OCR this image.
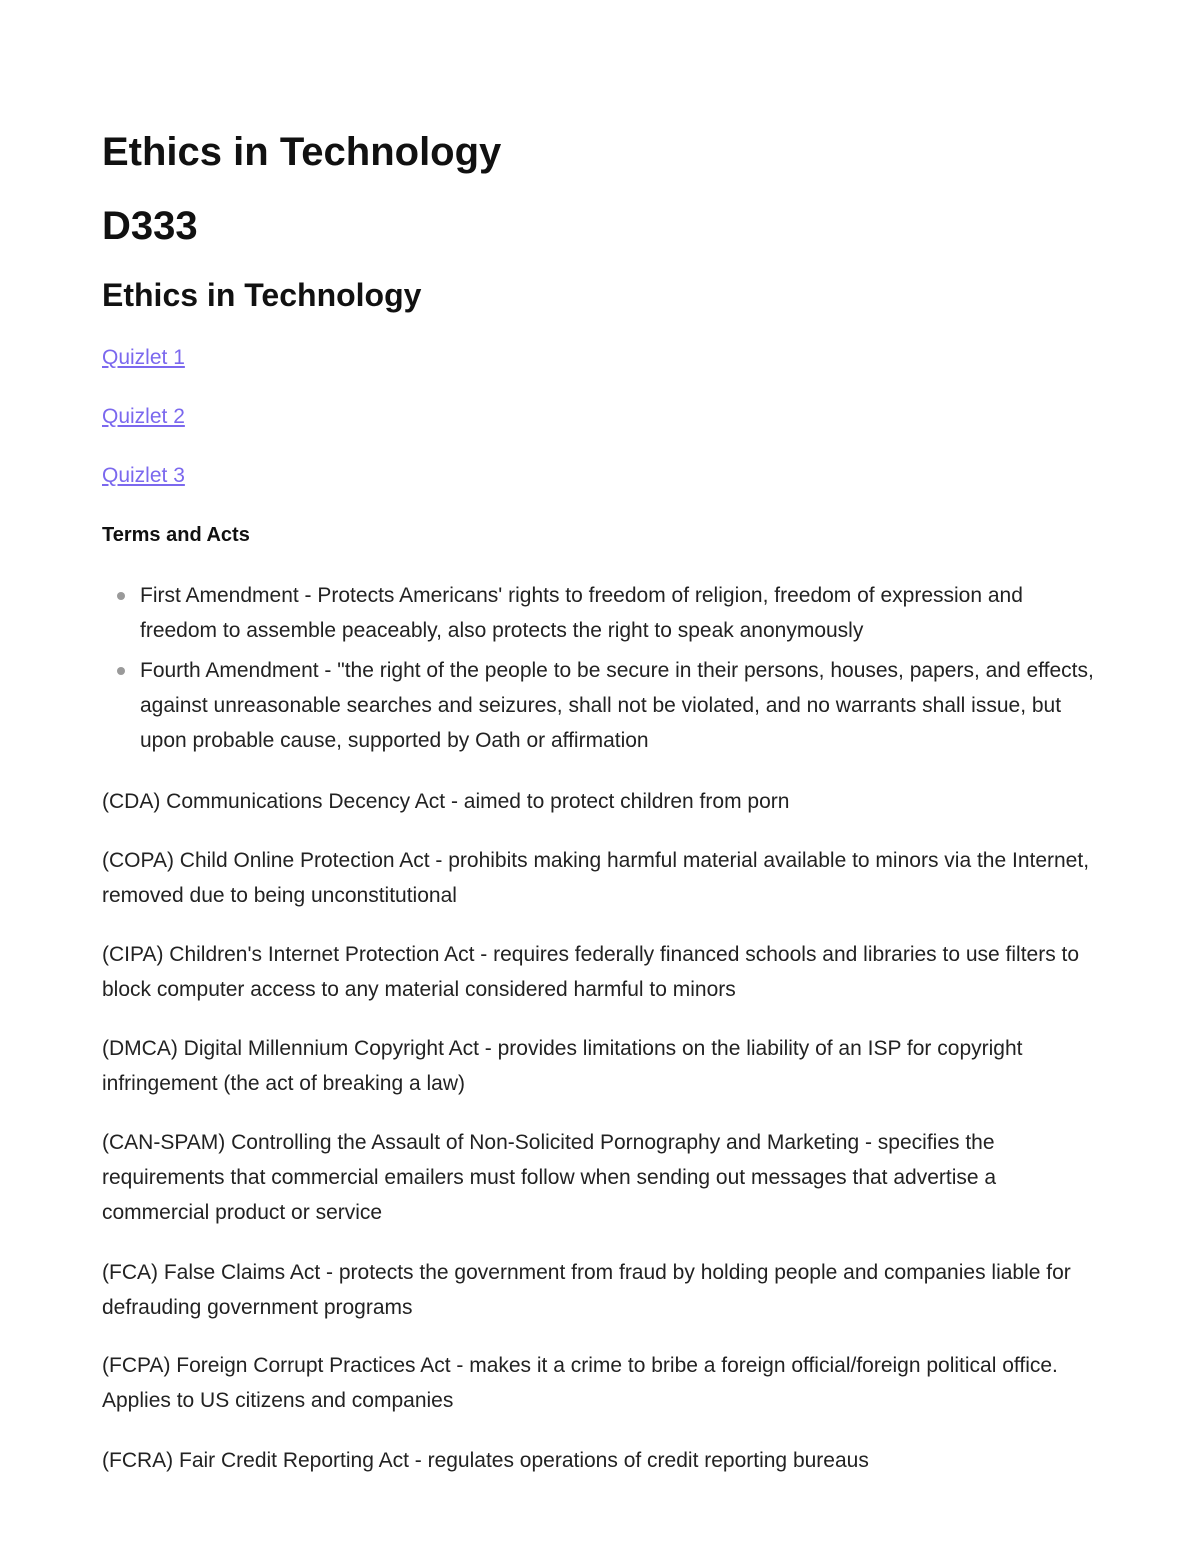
Ethics in Technology
D333
Ethics in Technology
Quizlet 1
Quizlet 2
Quizlet 3
Terms and Acts
First Amendment - Protects Americans' rights to freedom of religion, freedom of expression and freedom to assemble peaceably, also protects the right to speak anonymously
Fourth Amendment - "the right of the people to be secure in their persons, houses, papers, and effects, against unreasonable searches and seizures, shall not be violated, and no warrants shall issue, but upon probable cause, supported by Oath or affirmation

(CDA) Communications Decency Act - aimed to protect children from porn

(COPA) Child Online Protection Act - prohibits making harmful material available to minors via the Internet, removed due to being unconstitutional

(CIPA) Children's Internet Protection Act - requires federally financed schools and libraries to use filters to block computer access to any material considered harmful to minors

(DMCA) Digital Millennium Copyright Act - provides limitations on the liability of an ISP for copyright infringement (the act of breaking a law)

(CAN-SPAM) Controlling the Assault of Non-Solicited Pornography and Marketing - specifies the requirements that commercial emailers must follow when sending out messages that advertise a commercial product or service

(FCA) False Claims Act - protects the government from fraud by holding people and companies liable for defrauding government programs

(FCPA) Foreign Corrupt Practices Act - makes it a crime to bribe a foreign official/foreign political office. Applies to US citizens and companies

(FCRA) Fair Credit Reporting Act - regulates operations of credit reporting bureaus
